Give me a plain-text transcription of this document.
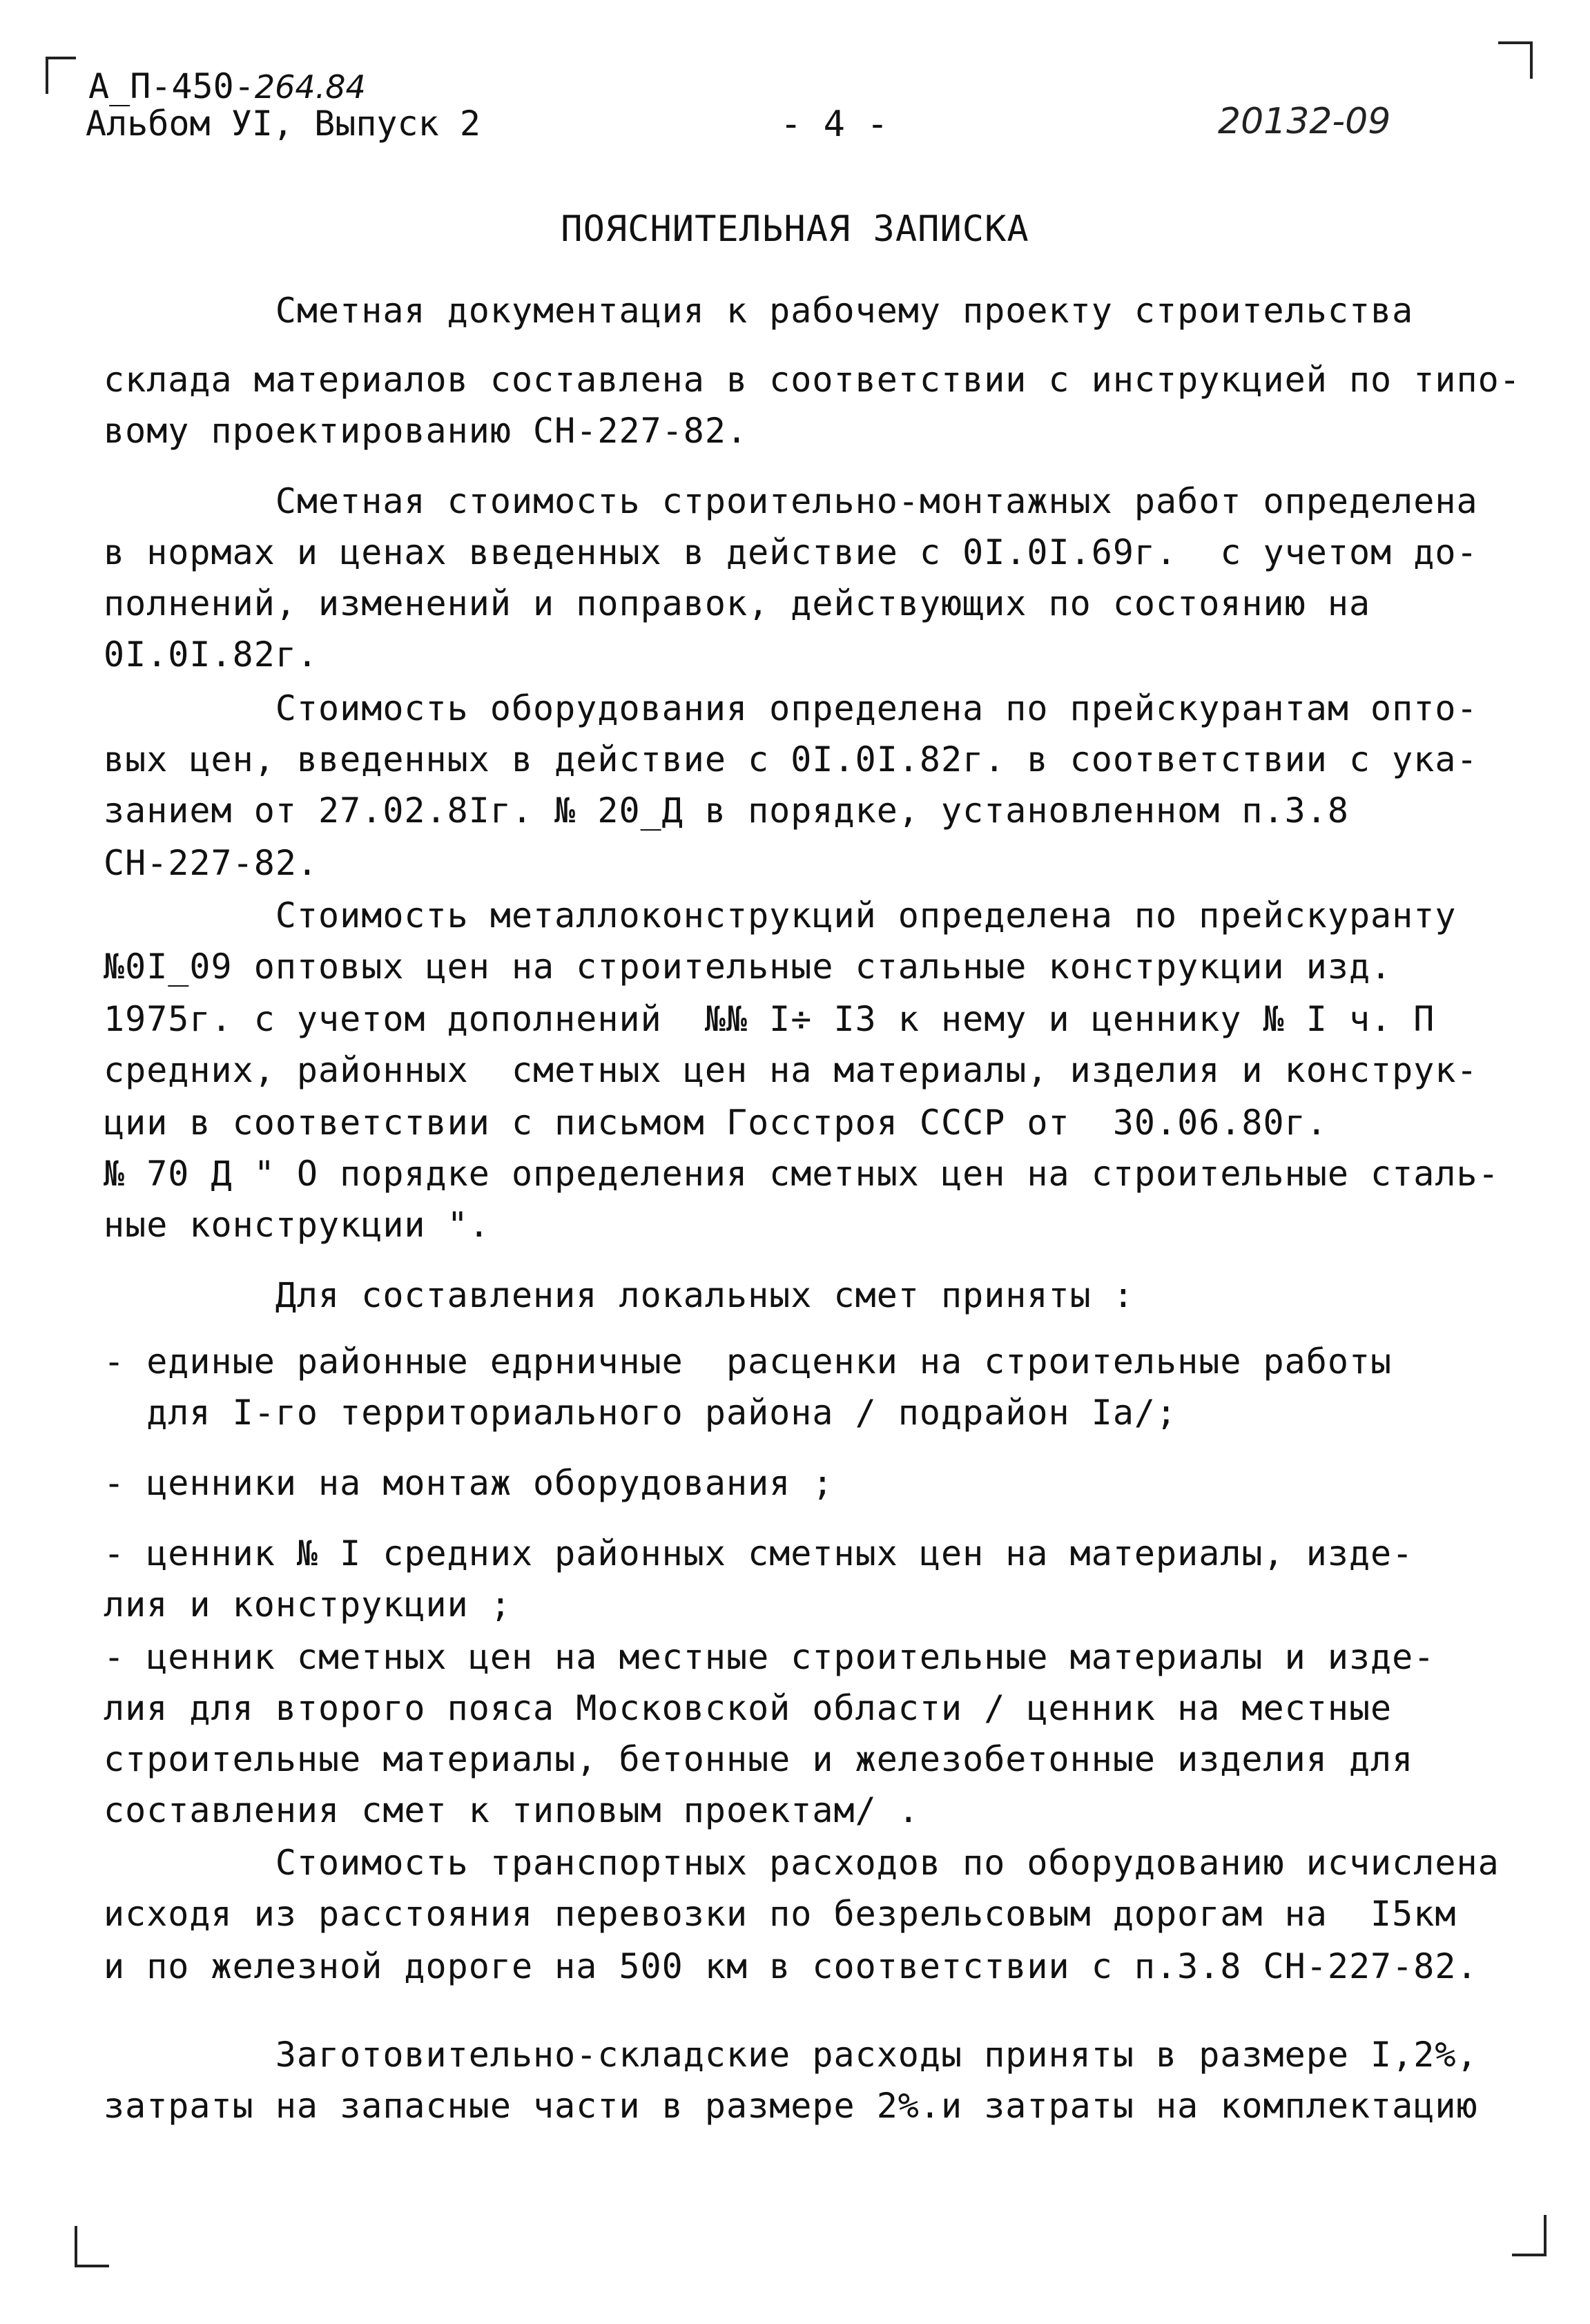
А_П-450-264.84
Альбом УI, Выпуск 2	- 4 -	20132-09
ПОЯСНИТЕЛЬНАЯ ЗАПИСКА
Сметная документация к рабочему проекту строительства
склада материалов составлена в соответствии с инструкцией по типо-
вому проектированию СН-227-82.
Сметная стоимость строительно-монтажных работ определена
в нормах и ценах введенных в действие с 0I.0I.69г.  с учетом до-
полнений, изменений и поправок, действующих по состоянию на
0I.0I.82г.
Стоимость оборудования определена по прейскурантам опто-
вых цен, введенных в действие с 0I.0I.82г. в соответствии с ука-
занием от 27.02.8Iг. № 20_Д в порядке, установленном п.3.8
СН-227-82.
Стоимость металлоконструкций определена по прейскуранту
№0I_09 оптовых цен на строительные стальные конструкции изд.
1975г. с учетом дополнений  №№ I÷ I3 к нему и ценнику № I ч. П
средних, районных  сметных цен на материалы, изделия и конструк-
ции в соответствии с письмом Госстроя СССР от  30.06.80г.
№ 70 Д " О порядке определения сметных цен на строительные сталь-
ные конструкции ".
Для составления локальных смет приняты :
- единые районные едрничные  расценки на строительные работы
для I-го территориального района / подрайон Iа/;
- ценники на монтаж оборудования ;
- ценник № I средних районных сметных цен на материалы, изде-
лия и конструкции ;
- ценник сметных цен на местные строительные материалы и изде-
лия для второго пояса Московской области / ценник на местные
строительные материалы, бетонные и железобетонные изделия для
составления смет к типовым проектам/ .
Стоимость транспортных расходов по оборудованию исчислена
исходя из расстояния перевозки по безрельсовым дорогам на  I5км
и по железной дороге на 500 км в соответствии с п.3.8 СН-227-82.
Заготовительно-складские расходы приняты в размере I,2%,
затраты на запасные части в размере 2%.и затраты на комплектацию
